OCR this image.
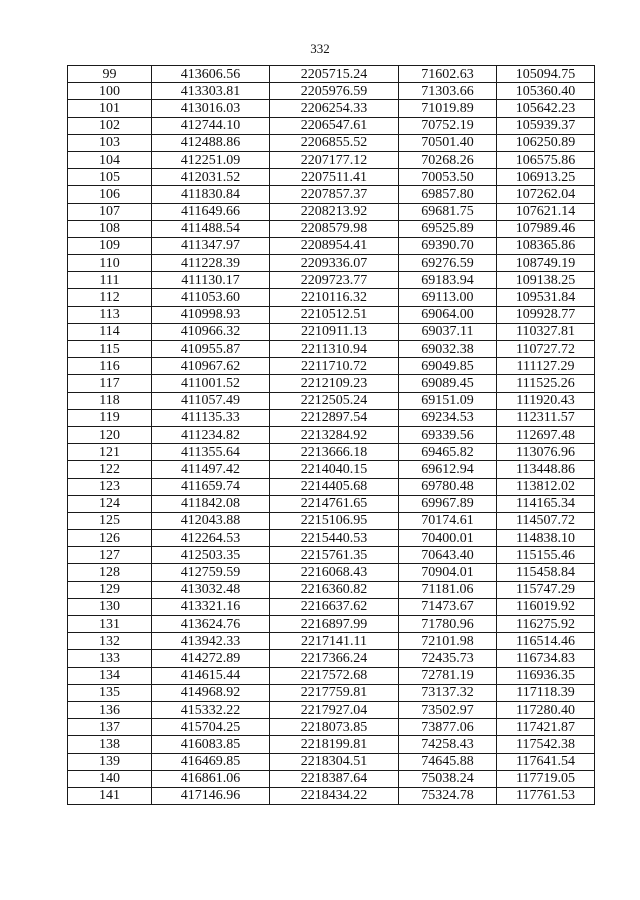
332
99	413606.56	2205715.24	71602.63	105094.75
100	413303.81	2205976.59	71303.66	105360.40
101	413016.03	2206254.33	71019.89	105642.23
102	412744.10	2206547.61	70752.19	105939.37
103	412488.86	2206855.52	70501.40	106250.89
104	412251.09	2207177.12	70268.26	106575.86
105	412031.52	2207511.41	70053.50	106913.25
106	411830.84	2207857.37	69857.80	107262.04
107	411649.66	2208213.92	69681.75	107621.14
108	411488.54	2208579.98	69525.89	107989.46
109	411347.97	2208954.41	69390.70	108365.86
110	411228.39	2209336.07	69276.59	108749.19
111	411130.17	2209723.77	69183.94	109138.25
112	411053.60	2210116.32	69113.00	109531.84
113	410998.93	2210512.51	69064.00	109928.77
114	410966.32	2210911.13	69037.11	110327.81
115	410955.87	2211310.94	69032.38	110727.72
116	410967.62	2211710.72	69049.85	111127.29
117	411001.52	2212109.23	69089.45	111525.26
118	411057.49	2212505.24	69151.09	111920.43
119	411135.33	2212897.54	69234.53	112311.57
120	411234.82	2213284.92	69339.56	112697.48
121	411355.64	2213666.18	69465.82	113076.96
122	411497.42	2214040.15	69612.94	113448.86
123	411659.74	2214405.68	69780.48	113812.02
124	411842.08	2214761.65	69967.89	114165.34
125	412043.88	2215106.95	70174.61	114507.72
126	412264.53	2215440.53	70400.01	114838.10
127	412503.35	2215761.35	70643.40	115155.46
128	412759.59	2216068.43	70904.01	115458.84
129	413032.48	2216360.82	71181.06	115747.29
130	413321.16	2216637.62	71473.67	116019.92
131	413624.76	2216897.99	71780.96	116275.92
132	413942.33	2217141.11	72101.98	116514.46
133	414272.89	2217366.24	72435.73	116734.83
134	414615.44	2217572.68	72781.19	116936.35
135	414968.92	2217759.81	73137.32	117118.39
136	415332.22	2217927.04	73502.97	117280.40
137	415704.25	2218073.85	73877.06	117421.87
138	416083.85	2218199.81	74258.43	117542.38
139	416469.85	2218304.51	74645.88	117641.54
140	416861.06	2218387.64	75038.24	117719.05
141	417146.96	2218434.22	75324.78	117761.53
